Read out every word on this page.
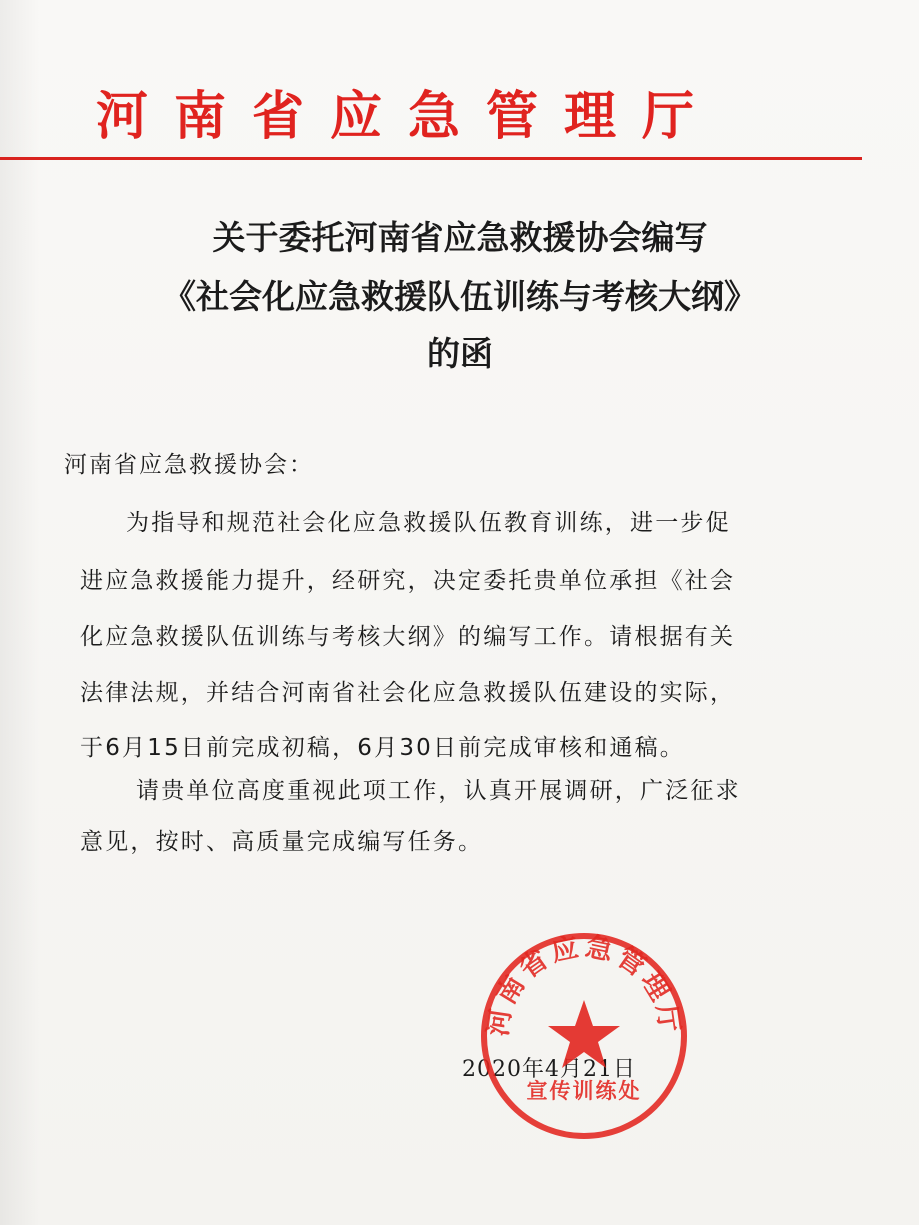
河南省应急管理厅
关于委托河南省应急救援协会编写
《社会化应急救援队伍训练与考核大纲》
的函
河南省应急救援协会：
为指导和规范社会化应急救援队伍教育训练，进一步促
进应急救援能力提升，经研究，决定委托贵单位承担《社会
化应急救援队伍训练与考核大纲》的编写工作。请根据有关
法律法规，并结合河南省社会化应急救援队伍建设的实际，
于6月15日前完成初稿，6月30日前完成审核和通稿。
请贵单位高度重视此项工作，认真开展调研，广泛征求
意见，按时、高质量完成编写任务。
2020年4月21日
河南省应急管理厅
宣传训练处
